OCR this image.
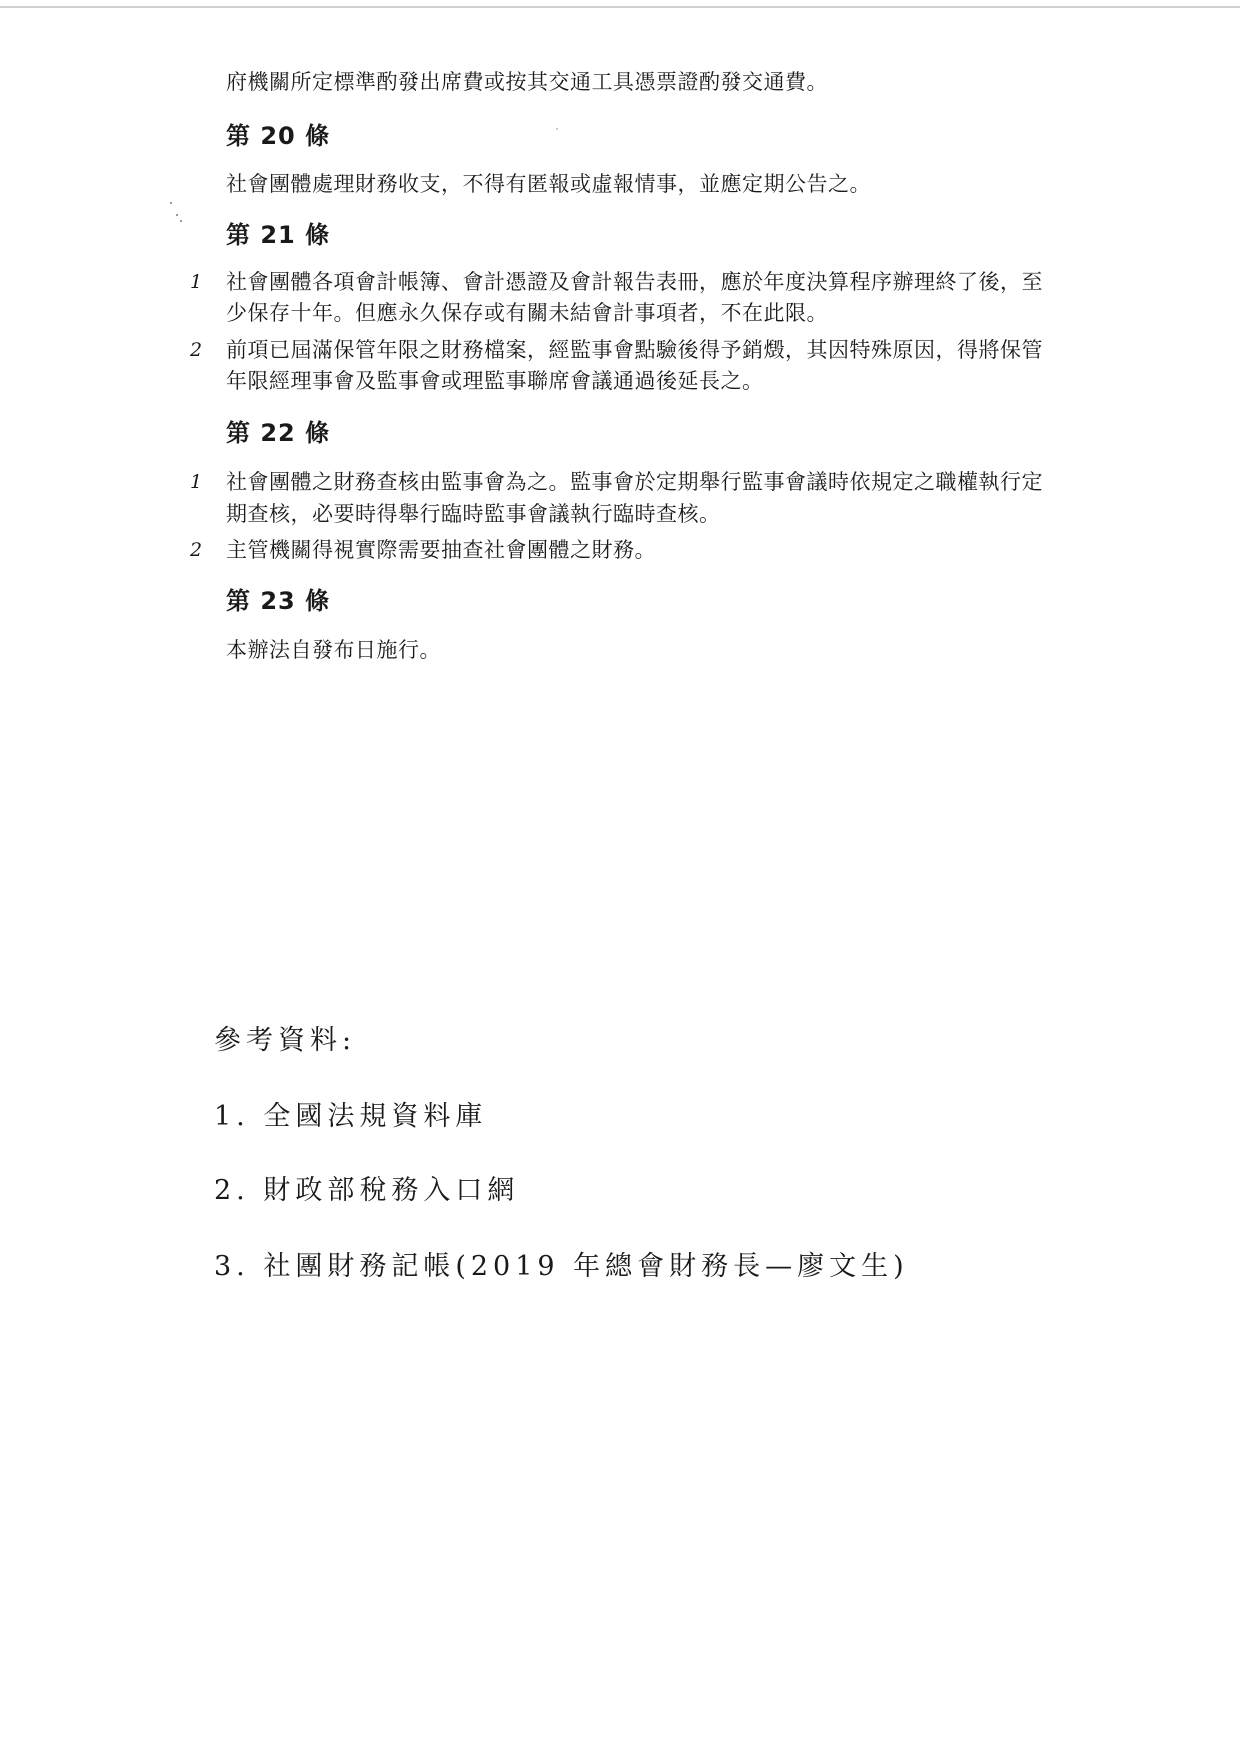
府機關所定標準酌發出席費或按其交通工具憑票證酌發交通費。
第 20 條
社會團體處理財務收支，不得有匿報或虛報情事，並應定期公告之。
第 21 條
1 社會團體各項會計帳簿、會計憑證及會計報告表冊，應於年度決算程序辦理終了後，至
少保存十年。但應永久保存或有關未結會計事項者，不在此限。
2 前項已屆滿保管年限之財務檔案，經監事會點驗後得予銷燬，其因特殊原因，得將保管
年限經理事會及監事會或理監事聯席會議通過後延長之。
第 22 條
1 社會團體之財務查核由監事會為之。監事會於定期舉行監事會議時依規定之職權執行定
期查核，必要時得舉行臨時監事會議執行臨時查核。
2 主管機關得視實際需要抽查社會團體之財務。
第 23 條
本辦法自發布日施行。
參考資料:
1. 全國法規資料庫
2. 財政部稅務入口網
3. 社團財務記帳(2019 年總會財務長—廖文生)
